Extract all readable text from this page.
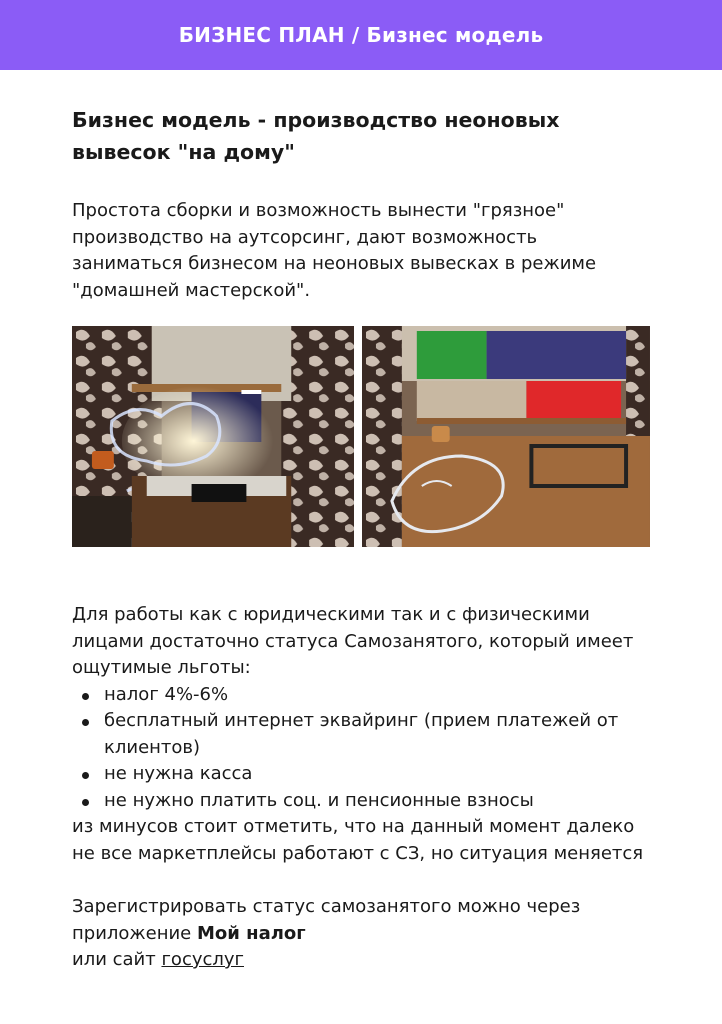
БИЗНЕС ПЛАН / Бизнес модель
Бизнес модель - производство неоновых вывесок "на дому"

Простота сборки и возможность вынести "грязное" производство на аутсорсинг, дают возможность заниматься бизнесом на неоновых вывесках в режиме "домашней мастерской".

Для работы как с юридическими так и с физическими лицами достаточно статуса Самозанятого, который имеет ощутимые льготы:

налог 4%-6%
бесплатный интернет эквайринг (прием платежей от клиентов)
не нужна касса
не нужно платить соц. и пенсионные взносы

из минусов стоит отметить, что на данный момент далеко не все маркетплейсы работают с СЗ, но ситуация меняется

Зарегистрировать статус самозанятого можно через приложение Мой налог
или сайт госуслуг
